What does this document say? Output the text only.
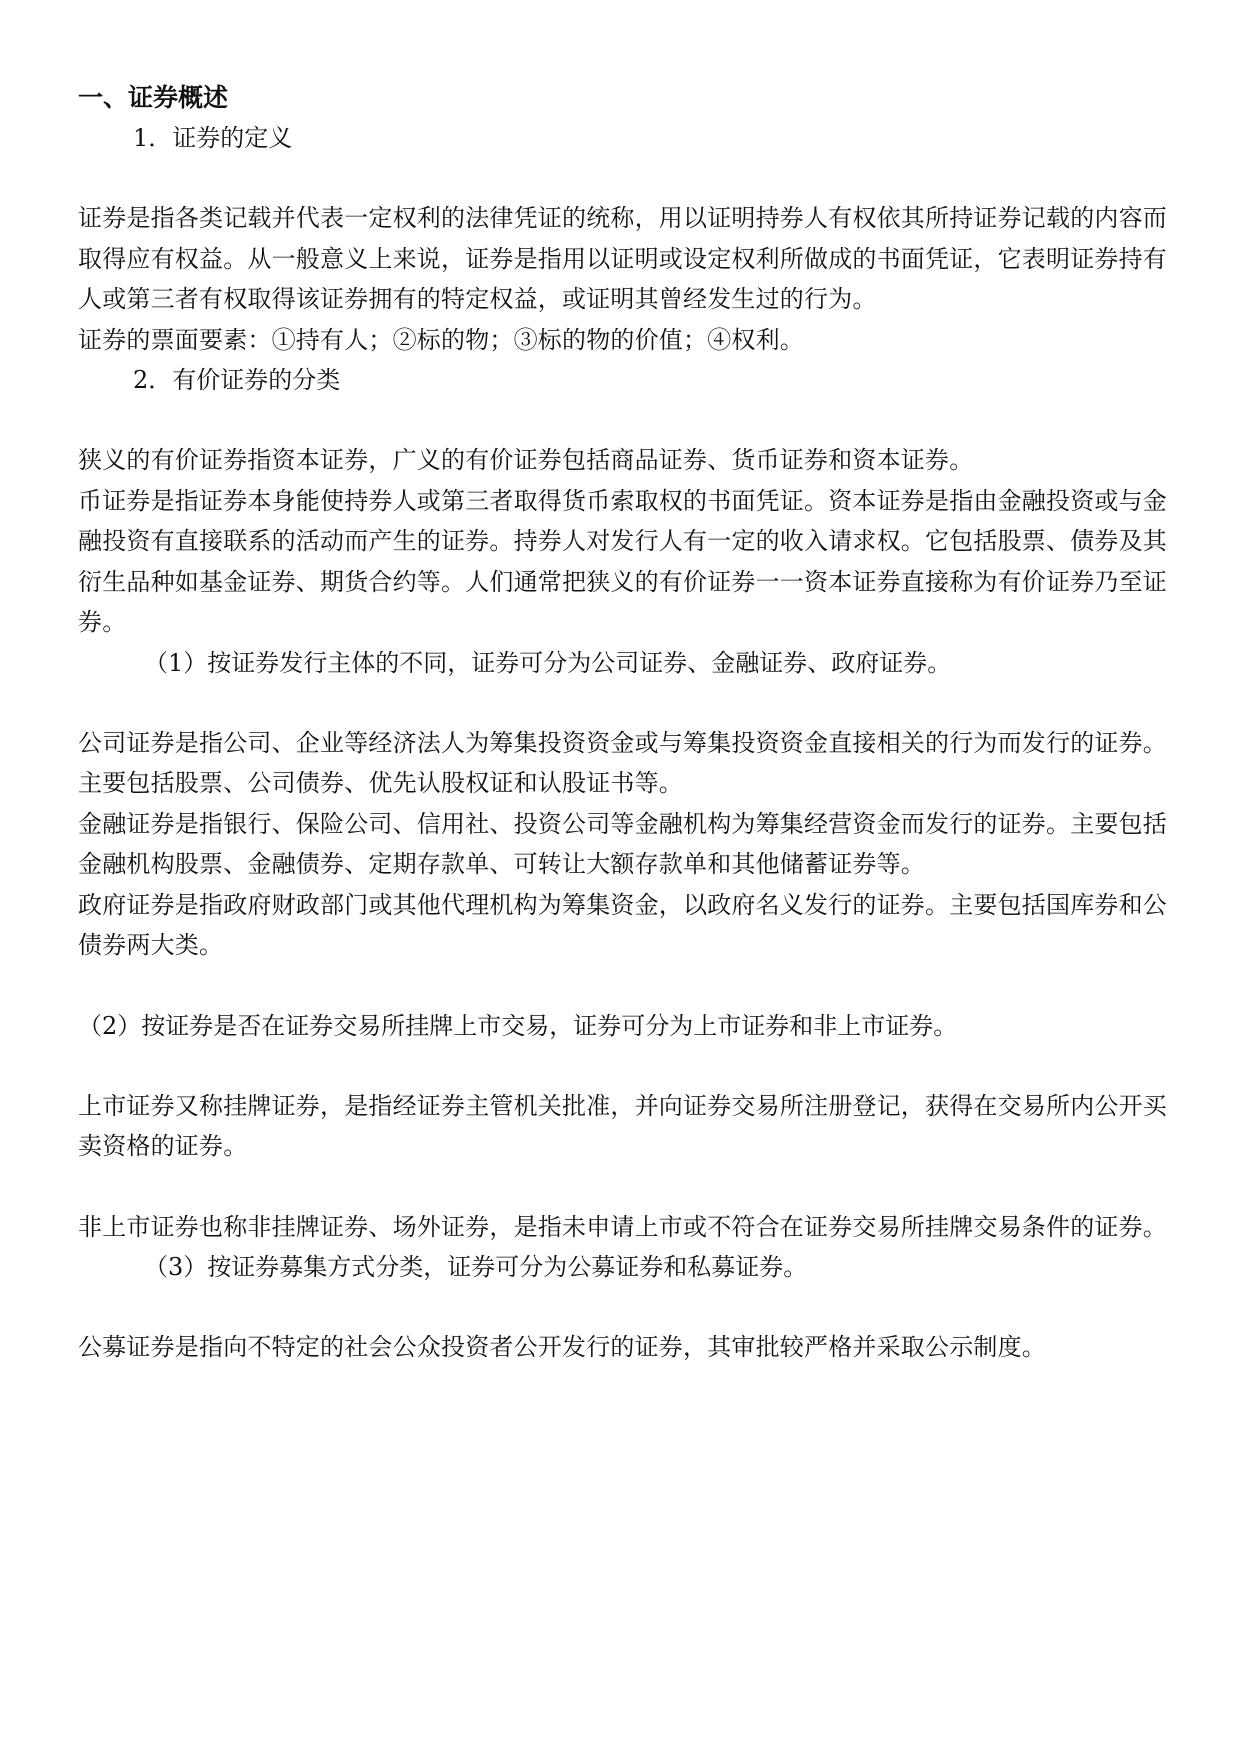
一、证券概述
1．证券的定义

证券是指各类记载并代表一定权利的法律凭证的统称，用以证明持券人有权依其所持证券记载的内容而取得应有权益。从一般意义上来说，证券是指用以证明或设定权利所做成的书面凭证，它表明证券持有人或第三者有权取得该证券拥有的特定权益，或证明其曾经发生过的行为。

证券的票面要素：①持有人；②标的物；③标的物的价值；④权利。

2．有价证券的分类

狭义的有价证券指资本证券，广义的有价证券包括商品证券、货币证券和资本证券。

币证券是指证券本身能使持券人或第三者取得货币索取权的书面凭证。资本证券是指由金融投资或与金融投资有直接联系的活动而产生的证券。持券人对发行人有一定的收入请求权。它包括股票、债券及其衍生品种如基金证券、期货合约等。人们通常把狭义的有价证券一一资本证券直接称为有价证券乃至证券。

（1）按证券发行主体的不同，证券可分为公司证券、金融证券、政府证券。

公司证券是指公司、企业等经济法人为筹集投资资金或与筹集投资资金直接相关的行为而发行的证券。主要包括股票、公司债券、优先认股权证和认股证书等。

金融证券是指银行、保险公司、信用社、投资公司等金融机构为筹集经营资金而发行的证券。主要包括金融机构股票、金融债券、定期存款单、可转让大额存款单和其他储蓄证券等。

政府证券是指政府财政部门或其他代理机构为筹集资金，以政府名义发行的证券。主要包括国库券和公债券两大类。

（2）按证券是否在证券交易所挂牌上市交易，证券可分为上市证券和非上市证券。

上市证券又称挂牌证券，是指经证券主管机关批准，并向证券交易所注册登记，获得在交易所内公开买卖资格的证券。

非上市证券也称非挂牌证券、场外证券，是指未申请上市或不符合在证券交易所挂牌交易条件的证券。

（3）按证券募集方式分类，证券可分为公募证券和私募证券。

公募证券是指向不特定的社会公众投资者公开发行的证券，其审批较严格并采取公示制度。
